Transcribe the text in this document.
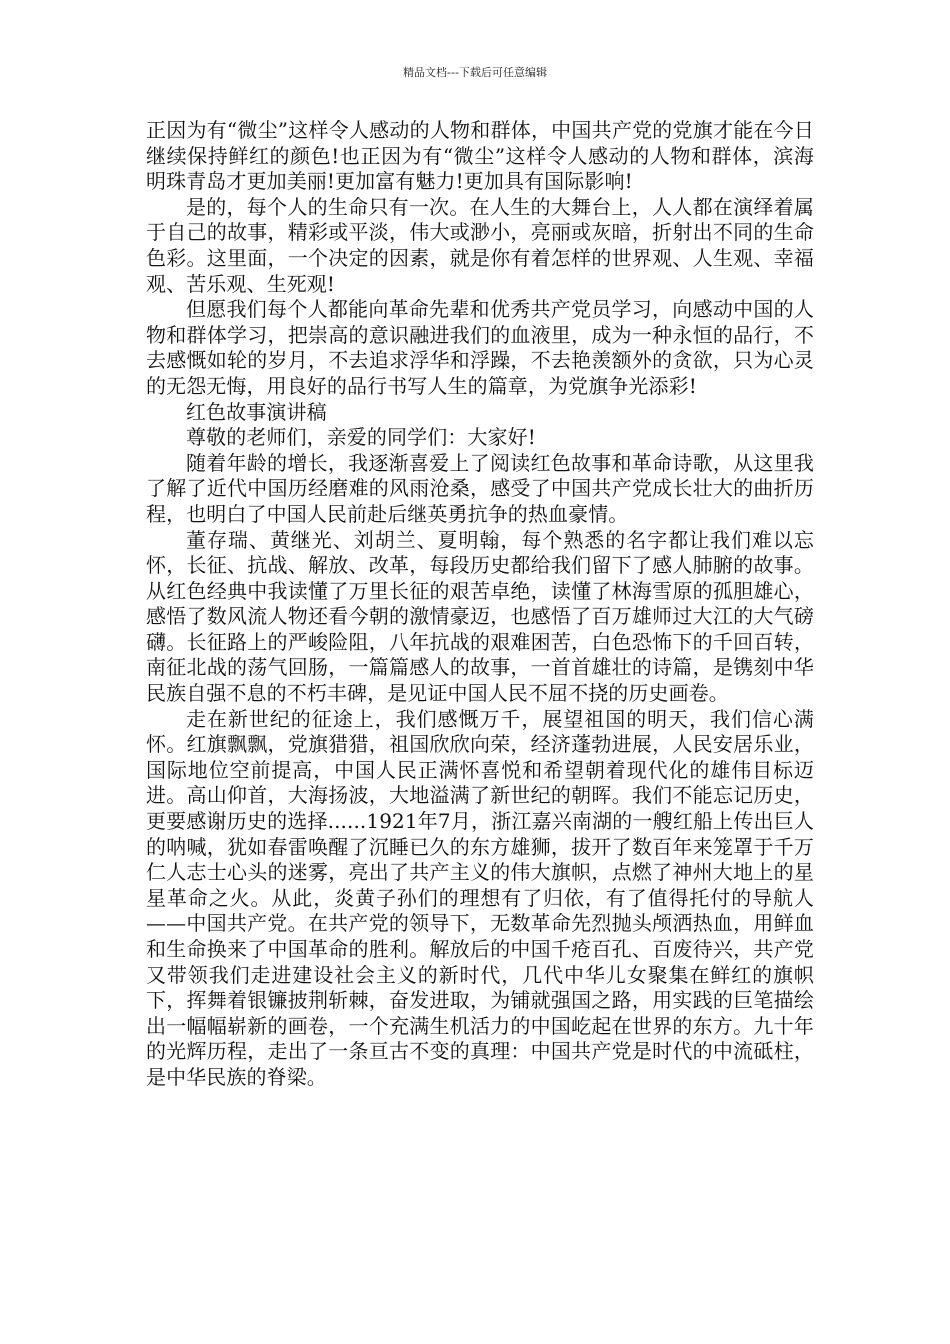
精品文档---下载后可任意编辑

正因为有“微尘”这样令人感动的人物和群体，中国共产党的党旗才能在今日继续保持鲜红的颜色!也正因为有“微尘”这样令人感动的人物和群体，滨海明珠青岛才更加美丽!更加富有魅力!更加具有国际影响!

是的，每个人的生命只有一次。在人生的大舞台上，人人都在演绎着属于自己的故事，精彩或平淡，伟大或渺小，亮丽或灰暗，折射出不同的生命色彩。这里面，一个决定的因素，就是你有着怎样的世界观、人生观、幸福观、苦乐观、生死观!

但愿我们每个人都能向革命先辈和优秀共产党员学习，向感动中国的人物和群体学习，把崇高的意识融进我们的血液里，成为一种永恒的品行，不去感慨如轮的岁月，不去追求浮华和浮躁，不去艳羡额外的贪欲，只为心灵的无怨无悔，用良好的品行书写人生的篇章，为党旗争光添彩!

红色故事演讲稿

尊敬的老师们，亲爱的同学们：大家好!

随着年龄的增长，我逐渐喜爱上了阅读红色故事和革命诗歌，从这里我了解了近代中国历经磨难的风雨沧桑，感受了中国共产党成长壮大的曲折历程，也明白了中国人民前赴后继英勇抗争的热血豪情。

董存瑞、黄继光、刘胡兰、夏明翰，每个熟悉的名字都让我们难以忘怀，长征、抗战、解放、改革，每段历史都给我们留下了感人肺腑的故事。从红色经典中我读懂了万里长征的艰苦卓绝，读懂了林海雪原的孤胆雄心，感悟了数风流人物还看今朝的激情豪迈，也感悟了百万雄师过大江的大气磅礴。长征路上的严峻险阻，八年抗战的艰难困苦，白色恐怖下的千回百转，南征北战的荡气回肠，一篇篇感人的故事，一首首雄壮的诗篇，是镌刻中华民族自强不息的不朽丰碑，是见证中国人民不屈不挠的历史画卷。

走在新世纪的征途上，我们感慨万千，展望祖国的明天，我们信心满怀。红旗飘飘，党旗猎猎，祖国欣欣向荣，经济蓬勃进展，人民安居乐业，国际地位空前提高，中国人民正满怀喜悦和希望朝着现代化的雄伟目标迈进。高山仰首，大海扬波，大地溢满了新世纪的朝晖。我们不能忘记历史，更要感谢历史的选择......1921年7月，浙江嘉兴南湖的一艘红船上传出巨人的呐喊，犹如春雷唤醒了沉睡已久的东方雄狮，拔开了数百年来笼罩于千万仁人志士心头的迷雾，亮出了共产主义的伟大旗帜，点燃了神州大地上的星星革命之火。从此，炎黄子孙们的理想有了归依，有了值得托付的导航人——中国共产党。在共产党的领导下，无数革命先烈抛头颅洒热血，用鲜血和生命换来了中国革命的胜利。解放后的中国千疮百孔、百废待兴，共产党又带领我们走进建设社会主义的新时代，几代中华儿女聚集在鲜红的旗帜下，挥舞着银镰披荆斩棘，奋发进取，为铺就强国之路，用实践的巨笔描绘出一幅幅崭新的画卷，一个充满生机活力的中国屹起在世界的东方。九十年的光辉历程，走出了一条亘古不变的真理：中国共产党是时代的中流砥柱，是中华民族的脊梁。
